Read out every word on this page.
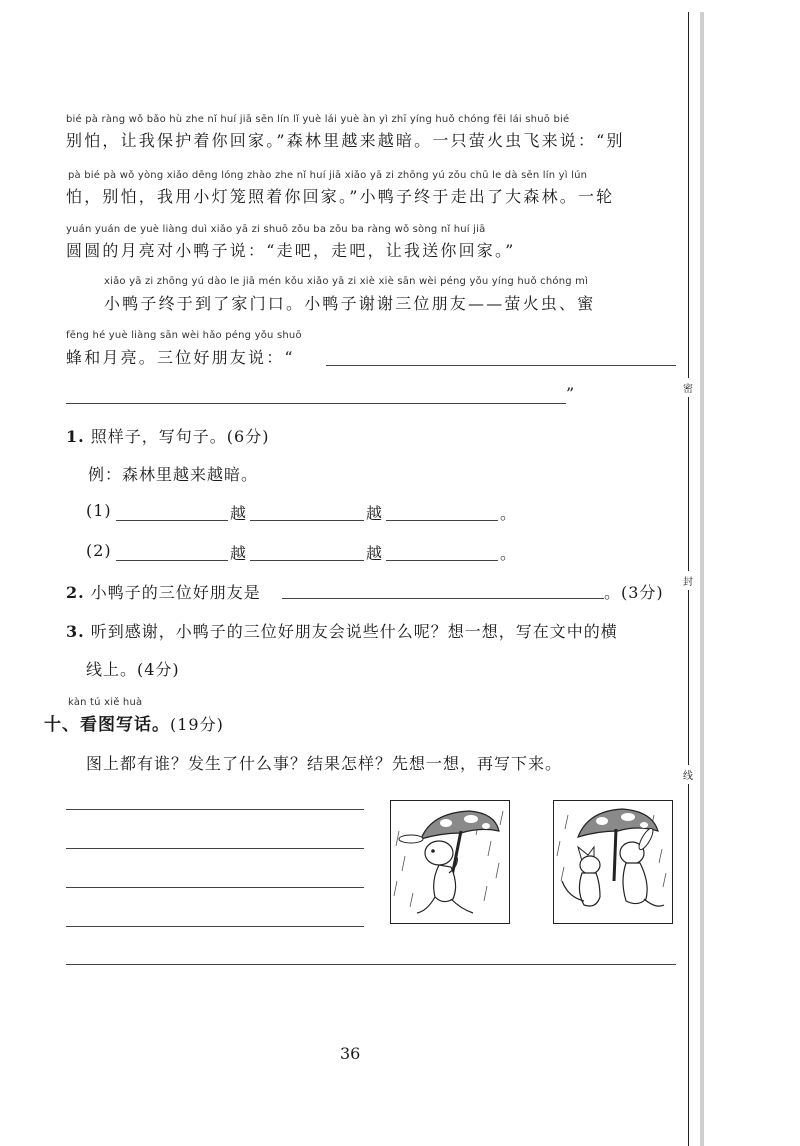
密
封
线
bié pà ràng wǒ bǎo hù zhe nǐ huí jiā sēn lín lǐ yuè lái yuè àn yì zhī yíng huǒ chóng fēi lái shuō bié
别怕，让我保护着你回家。”森林里越来越暗。一只萤火虫飞来说：“别
pà bié pà wǒ yòng xiǎo dēng lóng zhào zhe nǐ huí jiā xiǎo yā zi zhōng yú zǒu chū le dà sēn lín yì lún
怕，别怕，我用小灯笼照着你回家。”小鸭子终于走出了大森林。一轮
yuán yuán de yuè liàng duì xiǎo yā zi shuō zǒu ba zǒu ba ràng wǒ sòng nǐ huí jiā
圆圆的月亮对小鸭子说：“走吧，走吧，让我送你回家。”
xiǎo yā zi zhōng yú dào le jiā mén kǒu xiǎo yā zi xiè xiè sān wèi péng yǒu yíng huǒ chóng mì
小鸭子终于到了家门口。小鸭子谢谢三位朋友——萤火虫、蜜
fēng hé yuè liàng sān wèi hǎo péng yǒu shuō
蜂和月亮。三位好朋友说：“
”
1. 照样子，写句子。(6分)
例：森林里越来越暗。
(1)	越	越	。
(2)	越	越	。
2. 小鸭子的三位好朋友是	。(3分)
3. 听到感谢，小鸭子的三位好朋友会说些什么呢？想一想，写在文中的横
线上。(4分)
kàn tú xiě huà
十、看图写话。(19分)
图上都有谁？发生了什么事？结果怎样？先想一想，再写下来。
36
